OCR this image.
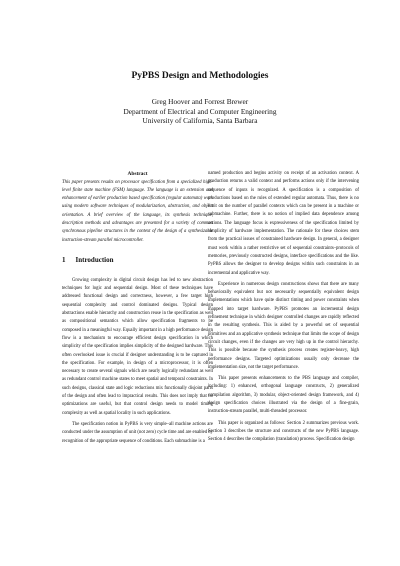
PyPBS Design and Methodologies
Greg Hoover and Forrest Brewer
Department of Electrical and Computer Engineering
University of California, Santa Barbara
Abstract
This paper presents results on processor specification from a specialized high-level finite state machine (FSM) language. The language is an extension and enhancement of earlier production based specification (regular automata) work using modern software techniques of modularization, abstraction, and object orientation. A brief overview of the language, its synthesis technique, description methods and advantages are presented for a variety of common synchronous pipeline structures in the context of the design of a synthesizable instruction-stream parallel microcontroller.
1 Introduction

Growing complexity in digital circuit design has led to new abstraction techniques for logic and sequential design. Most of these techniques have addressed functional design and correctness, however, a few target high sequential complexity and control dominated designs. Typical design abstractions enable hierarchy and construction reuse in the specification as well as compositional semantics which allow specification fragments to be composed in a meaningful way. Equally important in a high performance design flow is a mechanism to encourage efficient design specification in which simplicity of the specification implies simplicity of the designed hardware. This often overlooked issue is crucial if designer understanding is to be captured in the specification. For example, in design of a microprocessor, it is often necessary to create several signals which are nearly logically redundant as well as redundant control machine states to meet spatial and temporal constraints. In such designs, classical state and logic reductions mix functionally disjoint parts of the design and often lead to impractical results. This does not imply that no optimizations are useful, but that control design needs to model timing complexity as well as spatial locality in such applications.

The specification notion in PyPBS is very simple–all machine actions are conducted under the assumption of unit (not zero) cycle time and are enabled by recognition of the appropriate sequence of conditions. Each submachine is a

named production and begins activity on receipt of an activation context. A production returns a valid context and performs actions only if the intervening sequence of inputs is recognized. A specification is a composition of productions based on the rules of extended regular automata. Thus, there is no limit on the number of parallel contexts which can be present in a machine or submachine. Further, there is no notion of implied data dependence among actions. The language focus is expressiveness of the specification limited by simplicity of hardware implementation. The rationale for these choices stem from the practical issues of constrained hardware design. In general, a designer must work within a rather restrictive set of sequential constraints–protocols of memories, previously constructed designs, interface specifications and the like. PyPBS allows the designer to develop designs within such constraints in an incremental and applicative way.

Experience in numerous design constructions shows that there are many behaviorally equivalent but not necessarily sequentially equivalent design implementations which have quite distinct timing and power constraints when mapped into target hardware. PyPBS promotes an incremental design refinement technique in which designer controlled changes are rapidly reflected in the resulting synthesis. This is aided by a powerful set of sequential primitives and an applicative synthesis technique that limits the scope of design circuit changes, even if the changes are very high up in the control hierarchy. This is possible because the synthesis process creates register-heavy, high performance designs. Targeted optimizations usually only decrease the implementation size, not the target performance.

This paper presents enhancements to the PBS language and compiler, including: 1) enhanced, orthogonal language constructs, 2) generalized compilation algorithm, 3) modular, object-oriented design framework, and 4) design specification choices illustrated via the design of a fine-grain, instruction-stream parallel, multi-threaded processor.

This paper is organized as follows: Section 2 summarizes previous work. Section 3 describes the structure and constructs of the new PyPBS language. Section 4 describes the compilation (translation) process. Specification design
